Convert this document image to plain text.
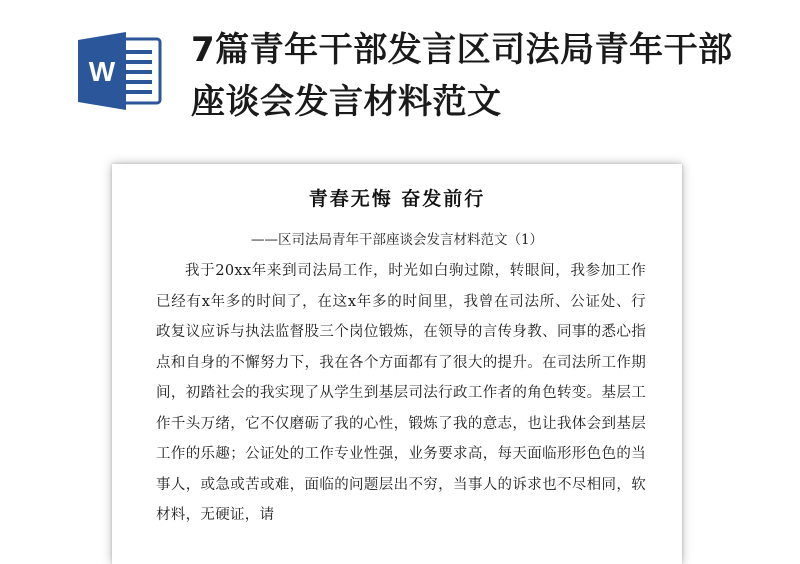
W
7篇青年干部发言区司法局青年干部座谈会发言材料范文
青春无悔 奋发前行

——区司法局青年干部座谈会发言材料范文（1）

我于20xx年来到司法局工作，时光如白驹过隙，转眼间，我参加工作已经有x年多的时间了，在这x年多的时间里，我曾在司法所、公证处、行政复议应诉与执法监督股三个岗位锻炼，在领导的言传身教、同事的悉心指点和自身的不懈努力下，我在各个方面都有了很大的提升。在司法所工作期间，初踏社会的我实现了从学生到基层司法行政工作者的角色转变。基层工作千头万绪，它不仅磨砺了我的心性，锻炼了我的意志，也让我体会到基层工作的乐趣；公证处的工作专业性强，业务要求高，每天面临形形色色的当事人，或急或苦或难，面临的问题层出不穷，当事人的诉求也不尽相同，软材料，无硬证，请
